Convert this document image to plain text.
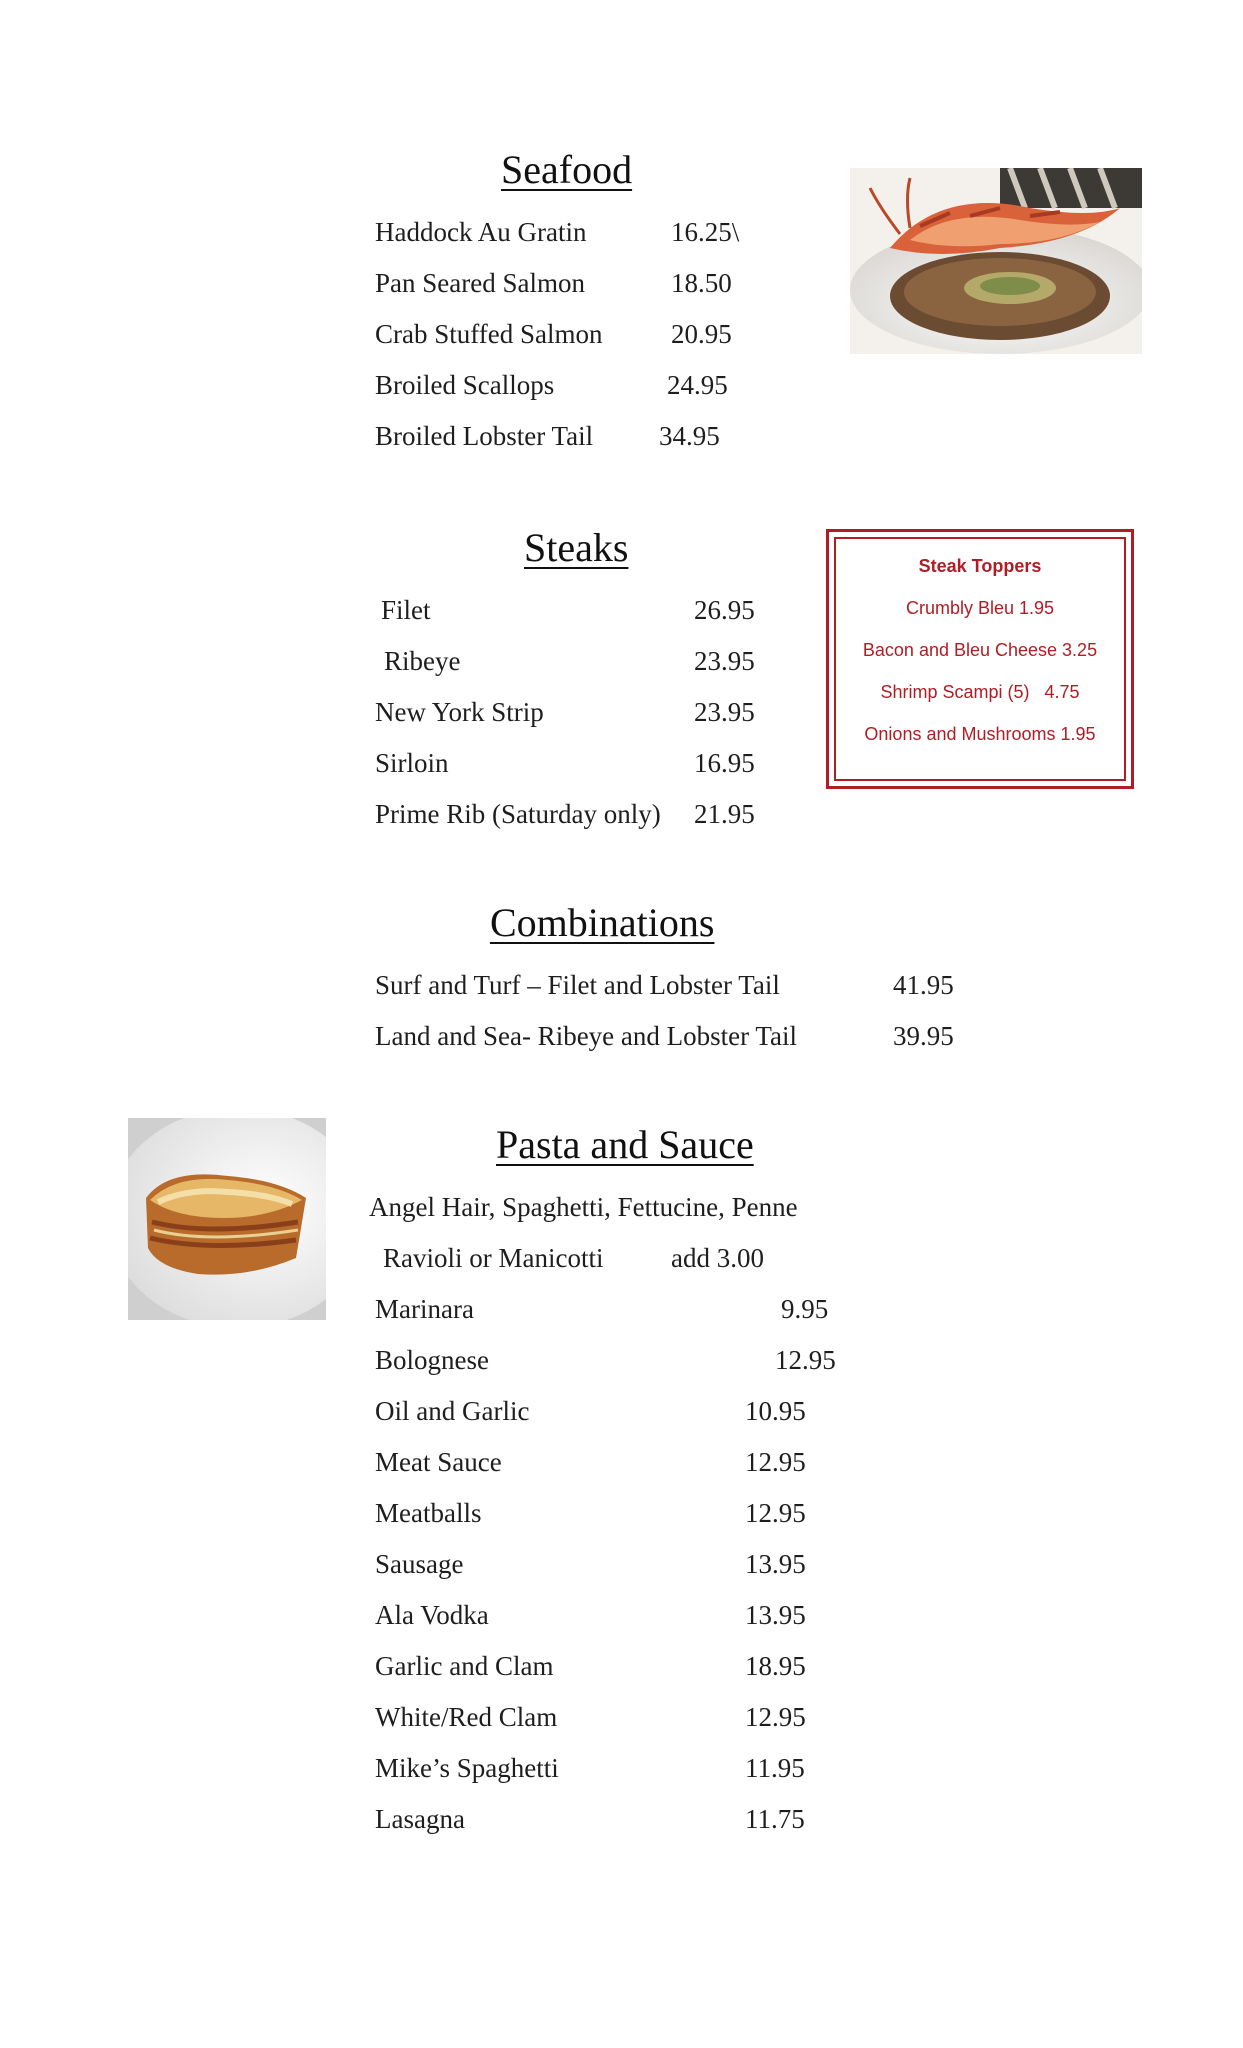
Seafood
Haddock Au Gratin	16.25\
Pan Seared Salmon	18.50
Crab Stuffed Salmon	20.95
Broiled Scallops	24.95
Broiled Lobster Tail 34.95
Steaks
Filet	26.95
Ribeye	23.95
New York Strip	23.95
Sirloin	16.95
Prime Rib (Saturday only) 21.95
Steak Toppers
Crumbly Bleu 1.95
Bacon and Bleu Cheese 3.25
Shrimp Scampi (5)   4.75
Onions and Mushrooms 1.95
Combinations
Surf and Turf – Filet and Lobster Tail	41.95
Land and Sea- Ribeye and Lobster Tail	39.95
Pasta and Sauce
Angel Hair, Spaghetti, Fettucine, Penne
Ravioli or Manicotti	add 3.00
Marinara	9.95
Bolognese	12.95
Oil and Garlic	10.95
Meat Sauce	12.95
Meatballs	12.95
Sausage	13.95
Ala Vodka	13.95
Garlic and Clam	18.95
White/Red Clam	12.95
Mike’s Spaghetti	11.95
Lasagna	11.75
